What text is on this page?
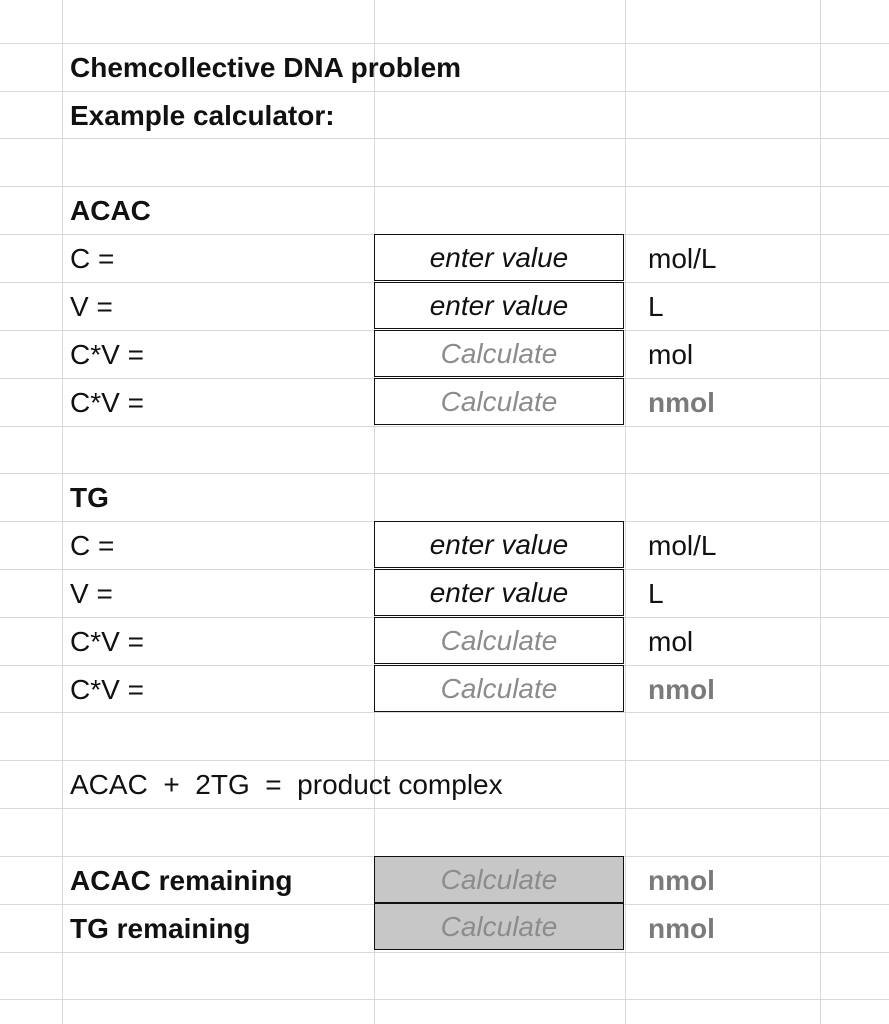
Chemcollective DNA problem
Example calculator:
ACAC
C =	enter value	mol/L
V =	enter value	L
C*V =	Calculate	mol
C*V =	Calculate	nmol
TG
C =	enter value	mol/L
V =	enter value	L
C*V =	Calculate	mol
C*V =	Calculate	nmol
ACAC  +  2TG  =  product complex
ACAC remaining	Calculate	nmol
TG remaining	Calculate	nmol
